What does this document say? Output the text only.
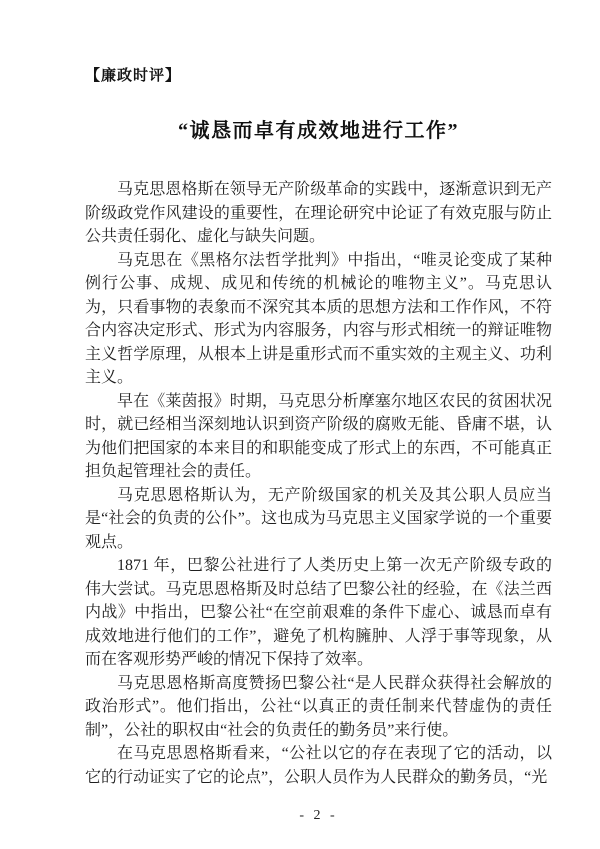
【廉政时评】
“诚恳而卓有成效地进行工作”

马克思恩格斯在领导无产阶级革命的实践中，逐渐意识到无产阶级政党作风建设的重要性，在理论研究中论证了有效克服与防止公共责任弱化、虚化与缺失问题。

马克思在《黑格尔法哲学批判》中指出，“唯灵论变成了某种例行公事、成规、成见和传统的机械论的唯物主义”。马克思认为，只看事物的表象而不深究其本质的思想方法和工作作风，不符合内容决定形式、形式为内容服务，内容与形式相统一的辩证唯物主义哲学原理，从根本上讲是重形式而不重实效的主观主义、功利主义。

早在《莱茵报》时期，马克思分析摩塞尔地区农民的贫困状况时，就已经相当深刻地认识到资产阶级的腐败无能、昏庸不堪，认为他们把国家的本来目的和职能变成了形式上的东西，不可能真正担负起管理社会的责任。

马克思恩格斯认为，无产阶级国家的机关及其公职人员应当是“社会的负责的公仆”。这也成为马克思主义国家学说的一个重要观点。

1871 年，巴黎公社进行了人类历史上第一次无产阶级专政的伟大尝试。马克思恩格斯及时总结了巴黎公社的经验，在《法兰西内战》中指出，巴黎公社“在空前艰难的条件下虚心、诚恳而卓有成效地进行他们的工作”，避免了机构臃肿、人浮于事等现象，从而在客观形势严峻的情况下保持了效率。

马克思恩格斯高度赞扬巴黎公社“是人民群众获得社会解放的政治形式”。他们指出，公社“以真正的责任制来代替虚伪的责任制”，公社的职权由“社会的负责任的勤务员”来行使。

在马克思恩格斯看来，“公社以它的存在表现了它的活动，以它的行动证实了它的论点”，公职人员作为人民群众的勤务员，“光

- 2 -
